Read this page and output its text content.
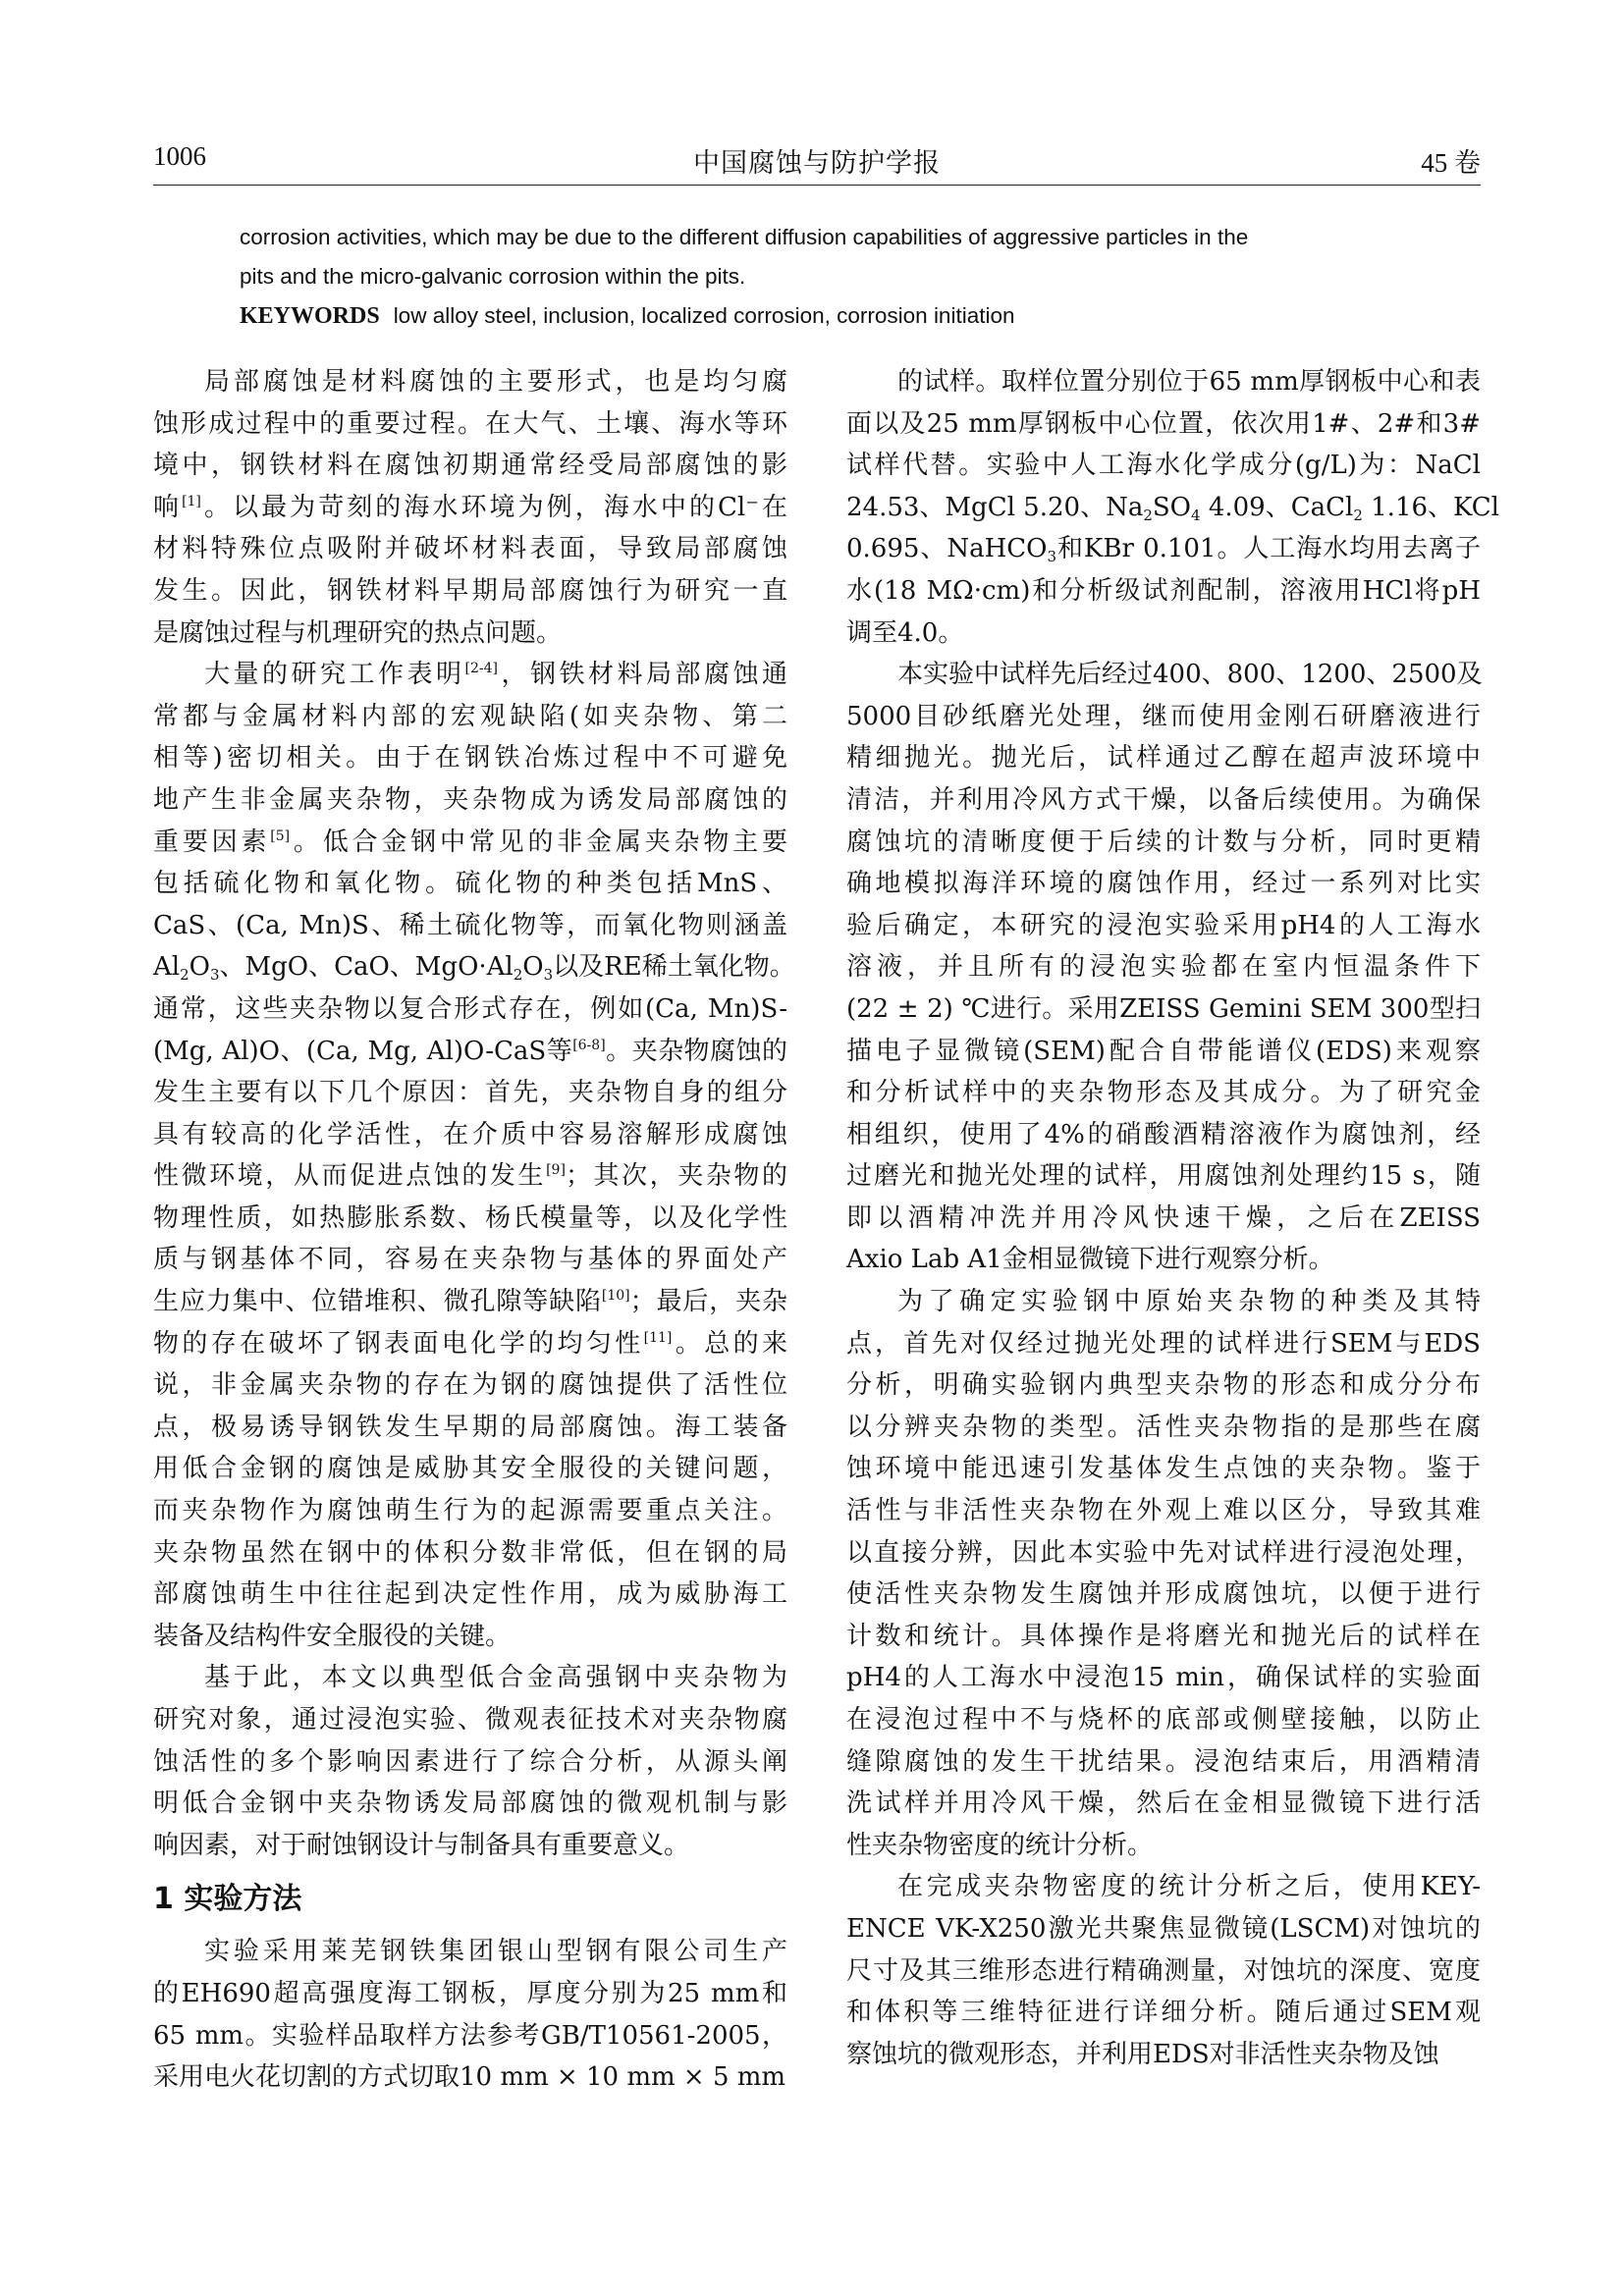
1006	中国腐蚀与防护学报	45 卷
corrosion activities, which may be due to the different diffusion capabilities of aggressive particles in the
pits and the micro-galvanic corrosion within the pits.
KEYWORDS low alloy steel, inclusion, localized corrosion, corrosion initiation
局部腐蚀是材料腐蚀的主要形式，也是均匀腐
蚀形成过程中的重要过程。在大气、土壤、海水等环
境中，钢铁材料在腐蚀初期通常经受局部腐蚀的影
响[1]。以最为苛刻的海水环境为例，海水中的Cl⁻在
材料特殊位点吸附并破坏材料表面，导致局部腐蚀
发生。因此，钢铁材料早期局部腐蚀行为研究一直
是腐蚀过程与机理研究的热点问题。
大量的研究工作表明[2-4]，钢铁材料局部腐蚀通
常都与金属材料内部的宏观缺陷(如夹杂物、第二
相等)密切相关。由于在钢铁冶炼过程中不可避免
地产生非金属夹杂物，夹杂物成为诱发局部腐蚀的
重要因素[5]。低合金钢中常见的非金属夹杂物主要
包括硫化物和氧化物。硫化物的种类包括MnS、
CaS、(Ca, Mn)S、稀土硫化物等，而氧化物则涵盖
$Al_2O_3$、MgO、CaO、$MgO\cdot Al_2O_3$以及RE稀土氧化物。
通常，这些夹杂物以复合形式存在，例如(Ca, Mn)S-
(Mg, Al)O、(Ca, Mg, Al)O-CaS等[6-8]。夹杂物腐蚀的
发生主要有以下几个原因：首先，夹杂物自身的组分
具有较高的化学活性，在介质中容易溶解形成腐蚀
性微环境，从而促进点蚀的发生[9]；其次，夹杂物的
物理性质，如热膨胀系数、杨氏模量等，以及化学性
质与钢基体不同，容易在夹杂物与基体的界面处产
生应力集中、位错堆积、微孔隙等缺陷[10]；最后，夹杂
物的存在破坏了钢表面电化学的均匀性[11]。总的来
说，非金属夹杂物的存在为钢的腐蚀提供了活性位
点，极易诱导钢铁发生早期的局部腐蚀。海工装备
用低合金钢的腐蚀是威胁其安全服役的关键问题，
而夹杂物作为腐蚀萌生行为的起源需要重点关注。
夹杂物虽然在钢中的体积分数非常低，但在钢的局
部腐蚀萌生中往往起到决定性作用，成为威胁海工
装备及结构件安全服役的关键。
基于此，本文以典型低合金高强钢中夹杂物为
研究对象，通过浸泡实验、微观表征技术对夹杂物腐
蚀活性的多个影响因素进行了综合分析，从源头阐
明低合金钢中夹杂物诱发局部腐蚀的微观机制与影
响因素，对于耐蚀钢设计与制备具有重要意义。
1 实验方法
实验采用莱芜钢铁集团银山型钢有限公司生产
的EH690超高强度海工钢板，厚度分别为25 mm和
65 mm。实验样品取样方法参考GB/T10561-2005，
采用电火花切割的方式切取10 mm × 10 mm × 5 mm
的试样。取样位置分别位于65 mm厚钢板中心和表
面以及25 mm厚钢板中心位置，依次用1#、2#和3#
试样代替。实验中人工海水化学成分(g/L)为：NaCl
24.53、MgCl 5.20、$Na_2SO_4$ 4.09、CaCl$_2$ 1.16、KCl
0.695、NaHCO$_3$和KBr 0.101。人工海水均用去离子
水(18 MΩ·cm)和分析级试剂配制，溶液用HCl将pH
调至4.0。
本实验中试样先后经过400、800、1200、2500及
5000目砂纸磨光处理，继而使用金刚石研磨液进行
精细抛光。抛光后，试样通过乙醇在超声波环境中
清洁，并利用冷风方式干燥，以备后续使用。为确保
腐蚀坑的清晰度便于后续的计数与分析，同时更精
确地模拟海洋环境的腐蚀作用，经过一系列对比实
验后确定，本研究的浸泡实验采用pH4的人工海水
溶液，并且所有的浸泡实验都在室内恒温条件下
(22 ± 2) ℃进行。采用ZEISS Gemini SEM 300型扫
描电子显微镜(SEM)配合自带能谱仪(EDS)来观察
和分析试样中的夹杂物形态及其成分。为了研究金
相组织，使用了4%的硝酸酒精溶液作为腐蚀剂，经
过磨光和抛光处理的试样，用腐蚀剂处理约15 s，随
即以酒精冲洗并用冷风快速干燥，之后在ZEISS
Axio Lab A1金相显微镜下进行观察分析。
为了确定实验钢中原始夹杂物的种类及其特
点，首先对仅经过抛光处理的试样进行SEM与EDS
分析，明确实验钢内典型夹杂物的形态和成分分布
以分辨夹杂物的类型。活性夹杂物指的是那些在腐
蚀环境中能迅速引发基体发生点蚀的夹杂物。鉴于
活性与非活性夹杂物在外观上难以区分，导致其难
以直接分辨，因此本实验中先对试样进行浸泡处理，
使活性夹杂物发生腐蚀并形成腐蚀坑，以便于进行
计数和统计。具体操作是将磨光和抛光后的试样在
pH4的人工海水中浸泡15 min，确保试样的实验面
在浸泡过程中不与烧杯的底部或侧壁接触，以防止
缝隙腐蚀的发生干扰结果。浸泡结束后，用酒精清
洗试样并用冷风干燥，然后在金相显微镜下进行活
性夹杂物密度的统计分析。
在完成夹杂物密度的统计分析之后，使用KEY-
ENCE VK-X250激光共聚焦显微镜(LSCM)对蚀坑的
尺寸及其三维形态进行精确测量，对蚀坑的深度、宽度
和体积等三维特征进行详细分析。随后通过SEM观
察蚀坑的微观形态，并利用EDS对非活性夹杂物及蚀
